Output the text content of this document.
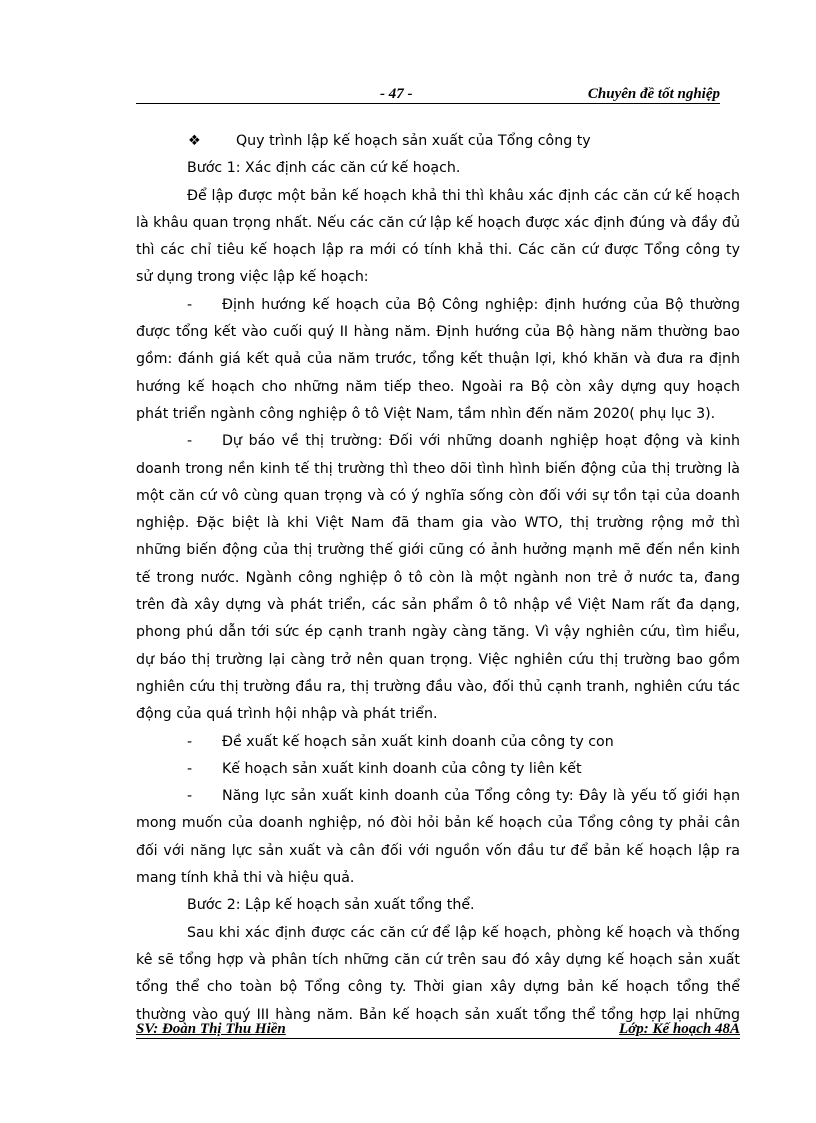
- 47 -	Chuyên đề tốt nghiệp
❖ Quy trình lập kế hoạch sản xuất của Tổng công ty
Bước 1: Xác định các căn cứ kế hoạch.
Để lập được một bản kế hoạch khả thi thì khâu xác định các căn cứ kế hoạch
là khâu quan trọng nhất. Nếu các căn cứ lập kế hoạch được xác định đúng và đầy đủ
thì các chỉ tiêu kế hoạch lập ra mới có tính khả thi. Các căn cứ được Tổng công ty
sử dụng trong việc lập kế hoạch:
- Định hướng kế hoạch của Bộ Công nghiệp: định hướng của Bộ thường
được tổng kết vào cuối quý II hàng năm. Định hướng của Bộ hàng năm thường bao
gồm: đánh giá kết quả của năm trước, tổng kết thuận lợi, khó khăn và đưa ra định
hướng kế hoạch cho những năm tiếp theo. Ngoài ra Bộ còn xây dựng quy hoạch
phát triển ngành công nghiệp ô tô Việt Nam, tầm nhìn đến năm 2020( phụ lục 3).
- Dự báo về thị trường: Đối với những doanh nghiệp hoạt động và kinh
doanh trong nền kinh tế thị trường thì theo dõi tình hình biến động của thị trường là
một căn cứ vô cùng quan trọng và có ý nghĩa sống còn đối với sự tồn tại của doanh
nghiệp. Đặc biệt là khi Việt Nam đã tham gia vào WTO, thị trường rộng mở thì
những biến động của thị trường thế giới cũng có ảnh hưởng mạnh mẽ đến nền kinh
tế trong nước. Ngành công nghiệp ô tô còn là một ngành non trẻ ở nước ta, đang
trên đà xây dựng và phát triển, các sản phẩm ô tô nhập về Việt Nam rất đa dạng,
phong phú dẫn tới sức ép cạnh tranh ngày càng tăng. Vì vậy nghiên cứu, tìm hiểu,
dự báo thị trường lại càng trở nên quan trọng. Việc nghiên cứu thị trường bao gồm
nghiên cứu thị trường đầu ra, thị trường đầu vào, đối thủ cạnh tranh, nghiên cứu tác
động của quá trình hội nhập và phát triển.
- Đề xuất kế hoạch sản xuất kinh doanh của công ty con
- Kế hoạch sản xuất kinh doanh của công ty liên kết
- Năng lực sản xuất kinh doanh của Tổng công ty: Đây là yếu tố giới hạn
mong muốn của doanh nghiệp, nó đòi hỏi bản kế hoạch của Tổng công ty phải cân
đối với năng lực sản xuất và cân đối với nguồn vốn đầu tư để bản kế hoạch lập ra
mang tính khả thi và hiệu quả.
Bước 2: Lập kế hoạch sản xuất tổng thể.
Sau khi xác định được các căn cứ để lập kế hoạch, phòng kế hoạch và thống
kê sẽ tổng hợp và phân tích những căn cứ trên sau đó xây dựng kế hoạch sản xuất
tổng thể cho toàn bộ Tổng công ty. Thời gian xây dựng bản kế hoạch tổng thể
thường vào quý III hàng năm. Bản kế hoạch sản xuất tổng thể tổng hợp lại những
SV: Đoàn Thị Thu Hiền	Lớp: Kế hoạch 48A
